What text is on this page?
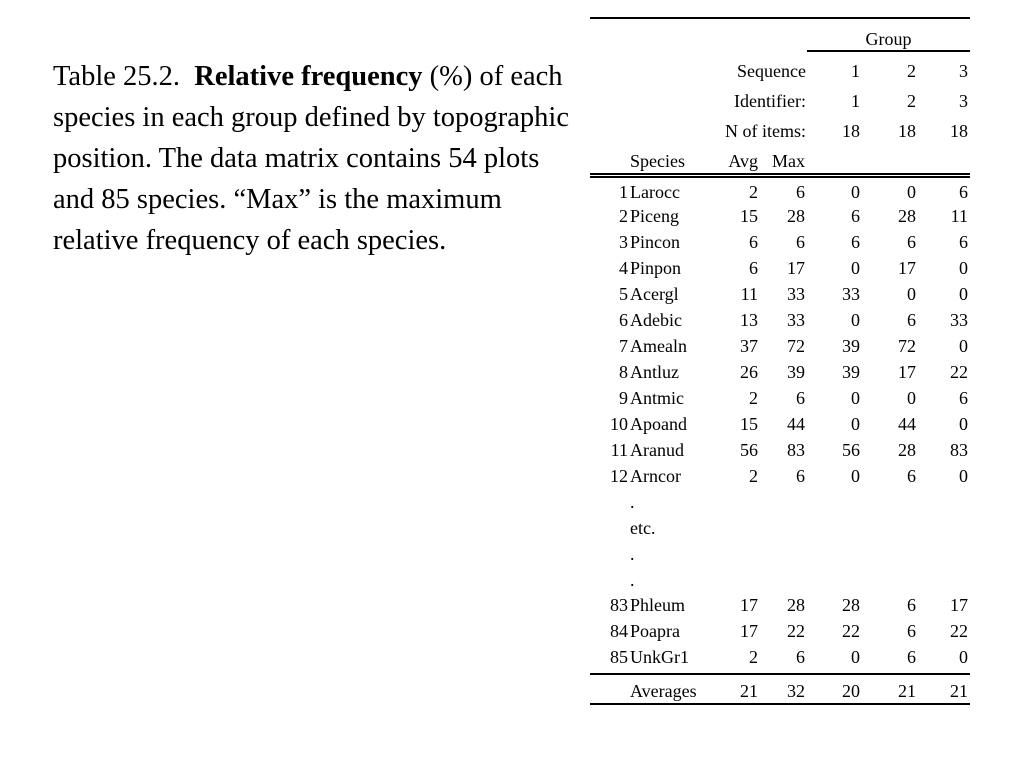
Table 25.2. Relative frequency (%) of each species in each group defined by topographic position. The data matrix contains 54 plots and 85 species. “Max” is the maximum relative frequency of each species.
Group
Sequence	1	2	3
Identifier:	1	2	3
N of items:	18	18	18
Species	Avg Max
1 Larocc	2	6	0	0	6
2 Piceng	15	28	6	28	11
3 Pincon	6	6	6	6	6
4 Pinpon	6	17	0	17	0
5 Acergl	11	33	33	0	0
6 Adebic	13	33	0	6	33
7 Amealn	37	72	39	72	0
8 Antluz	26	39	39	17	22
9 Antmic	2	6	0	0	6
10 Apoand	15	44	0	44	0
11 Aranud	56	83	56	28	83
12 Arncor	2	6	0	6	0
.
etc.
.
.
83 Phleum	17	28	28	6	17
84 Poapra	17	22	22	6	22
85 UnkGr1	2	6	0	6	0
Averages	21	32	20	21	21
